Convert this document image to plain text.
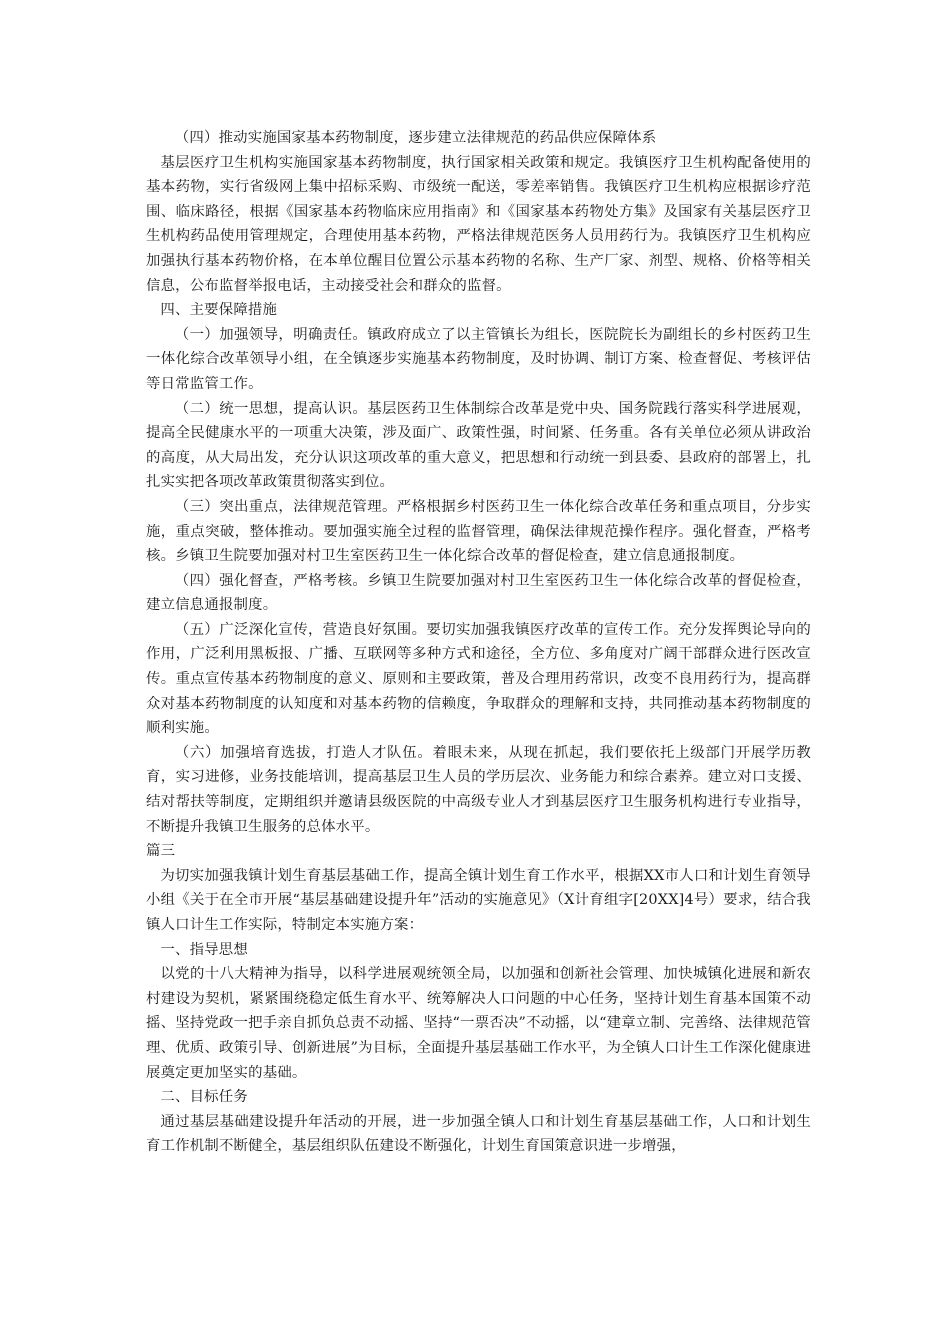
（四）推动实施国家基本药物制度，逐步建立法律规范的药品供应保障体系

基层医疗卫生机构实施国家基本药物制度，执行国家相关政策和规定。我镇医疗卫生机构配备使用的基本药物，实行省级网上集中招标采购、市级统一配送，零差率销售。我镇医疗卫生机构应根据诊疗范围、临床路径，根据《国家基本药物临床应用指南》和《国家基本药物处方集》及国家有关基层医疗卫生机构药品使用管理规定，合理使用基本药物，严格法律规范医务人员用药行为。我镇医疗卫生机构应加强执行基本药物价格，在本单位醒目位置公示基本药物的名称、生产厂家、剂型、规格、价格等相关信息，公布监督举报电话，主动接受社会和群众的监督。

四、主要保障措施

（一）加强领导，明确责任。镇政府成立了以主管镇长为组长，医院院长为副组长的乡村医药卫生一体化综合改革领导小组，在全镇逐步实施基本药物制度，及时协调、制订方案、检查督促、考核评估等日常监管工作。

（二）统一思想，提高认识。基层医药卫生体制综合改革是党中央、国务院践行落实科学进展观，提高全民健康水平的一项重大决策，涉及面广、政策性强，时间紧、任务重。各有关单位必须从讲政治的高度，从大局出发，充分认识这项改革的重大意义，把思想和行动统一到县委、县政府的部署上，扎扎实实把各项改革政策贯彻落实到位。

（三）突出重点，法律规范管理。严格根据乡村医药卫生一体化综合改革任务和重点项目，分步实施，重点突破，整体推动。要加强实施全过程的监督管理，确保法律规范操作程序。强化督查，严格考核。乡镇卫生院要加强对村卫生室医药卫生一体化综合改革的督促检查，建立信息通报制度。

（四）强化督查，严格考核。乡镇卫生院要加强对村卫生室医药卫生一体化综合改革的督促检查，建立信息通报制度。

（五）广泛深化宣传，营造良好氛围。要切实加强我镇医疗改革的宣传工作。充分发挥舆论导向的作用，广泛利用黑板报、广播、互联网等多种方式和途径，全方位、多角度对广阔干部群众进行医改宣传。重点宣传基本药物制度的意义、原则和主要政策，普及合理用药常识，改变不良用药行为，提高群众对基本药物制度的认知度和对基本药物的信赖度，争取群众的理解和支持，共同推动基本药物制度的顺利实施。

（六）加强培育选拔，打造人才队伍。着眼未来，从现在抓起，我们要依托上级部门开展学历教育，实习进修，业务技能培训，提高基层卫生人员的学历层次、业务能力和综合素养。建立对口支援、结对帮扶等制度，定期组织并邀请县级医院的中高级专业人才到基层医疗卫生服务机构进行专业指导，不断提升我镇卫生服务的总体水平。

篇三

为切实加强我镇计划生育基层基础工作，提高全镇计划生育工作水平，根据XX市人口和计划生育领导小组《关于在全市开展“基层基础建设提升年”活动的实施意见》（X计育组字[20XX]4号）要求，结合我镇人口计生工作实际，特制定本实施方案：

一、指导思想

以党的十八大精神为指导，以科学进展观统领全局，以加强和创新社会管理、加快城镇化进展和新农村建设为契机，紧紧围绕稳定低生育水平、统筹解决人口问题的中心任务，坚持计划生育基本国策不动摇、坚持党政一把手亲自抓负总责不动摇、坚持“一票否决”不动摇，以“建章立制、完善络、法律规范管理、优质、政策引导、创新进展”为目标，全面提升基层基础工作水平，为全镇人口计生工作深化健康进展奠定更加坚实的基础。

二、目标任务

通过基层基础建设提升年活动的开展，进一步加强全镇人口和计划生育基层基础工作，人口和计划生育工作机制不断健全，基层组织队伍建设不断强化，计划生育国策意识进一步增强，
